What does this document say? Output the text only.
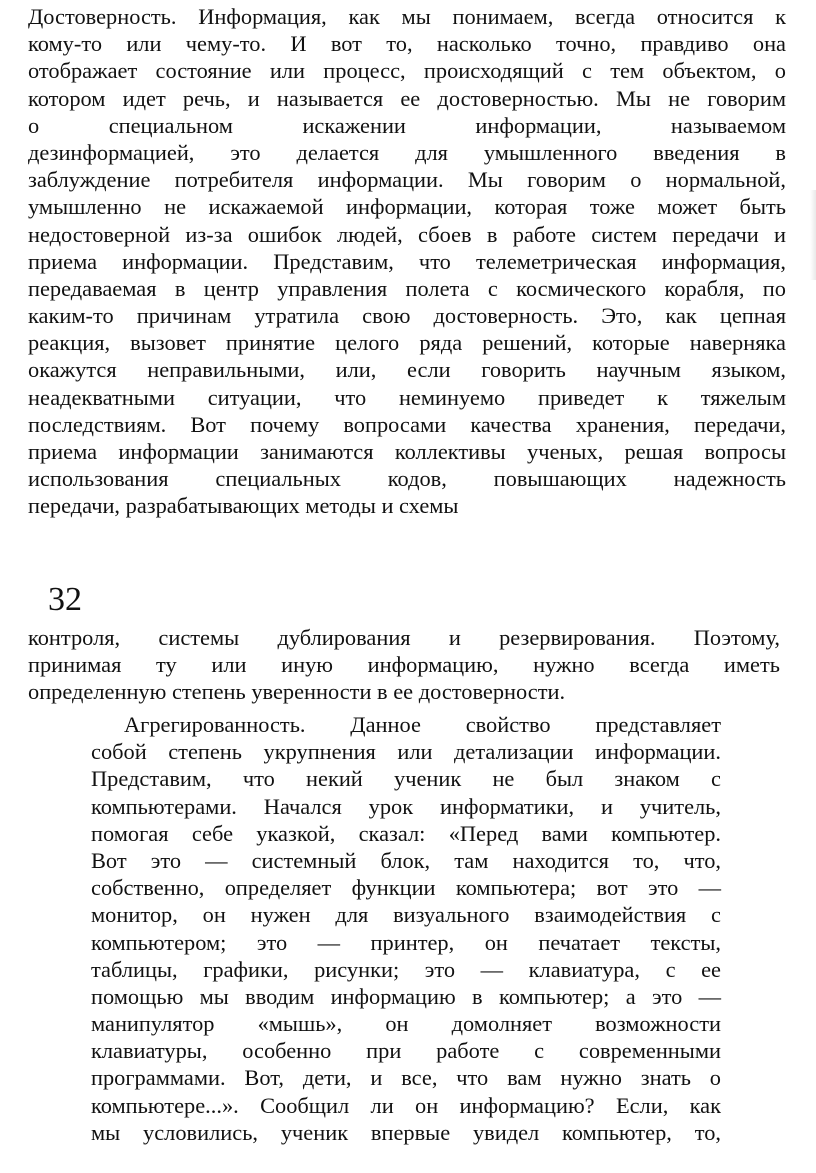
Достоверность. Информация, как мы понимаем, всегда относится к
кому-то или чему-то. И вот то, насколько точно, правдиво она
отображает состояние или процесс, происходящий с тем объектом, о
котором идет речь, и называется ее достоверностью. Мы не говорим
о специальном искажении информации, называемом
дезинформацией, это делается для умышленного введения в
заблуждение потребителя информации. Мы говорим о нормальной,
умышленно не искажаемой информации, которая тоже может быть
недостоверной из-за ошибок людей, сбоев в работе систем передачи и
приема информации. Представим, что телеметрическая информация,
передаваемая в центр управления полета с космического корабля, по
каким-то причинам утратила свою достоверность. Это, как цепная
реакция, вызовет принятие целого ряда решений, которые наверняка
окажутся неправильными, или, если говорить научным языком,
неадекватными ситуации, что неминуемо приведет к тяжелым
последствиям. Вот почему вопросами качества хранения, передачи,
приема информации занимаются коллективы ученых, решая вопросы
использования специальных кодов, повышающих надежность
передачи, разрабатывающих методы и схемы
32
контроля, системы дублирования и резервирования. Поэтому,
принимая ту или иную информацию, нужно всегда иметь
определенную степень уверенности в ее достоверности.
Агрегированность. Данное свойство представляет
собой степень укрупнения или детализации информации.
Представим, что некий ученик не был знаком с
компьютерами. Начался урок информатики, и учитель,
помогая себе указкой, сказал: «Перед вами компьютер.
Вот это — системный блок, там находится то, что,
собственно, определяет функции компьютера; вот это —
монитор, он нужен для визуального взаимодействия с
компьютером; это — принтер, он печатает тексты,
таблицы, графики, рисунки; это — клавиатура, с ее
помощью мы вводим информацию в компьютер; а это —
манипулятор «мышь», он домолняет возможности
клавиатуры, особенно при работе с современными
программами. Вот, дети, и все, что вам нужно знать о
компьютере...». Сообщил ли он информацию? Если, как
мы условились, ученик впервые увидел компьютер, то,
